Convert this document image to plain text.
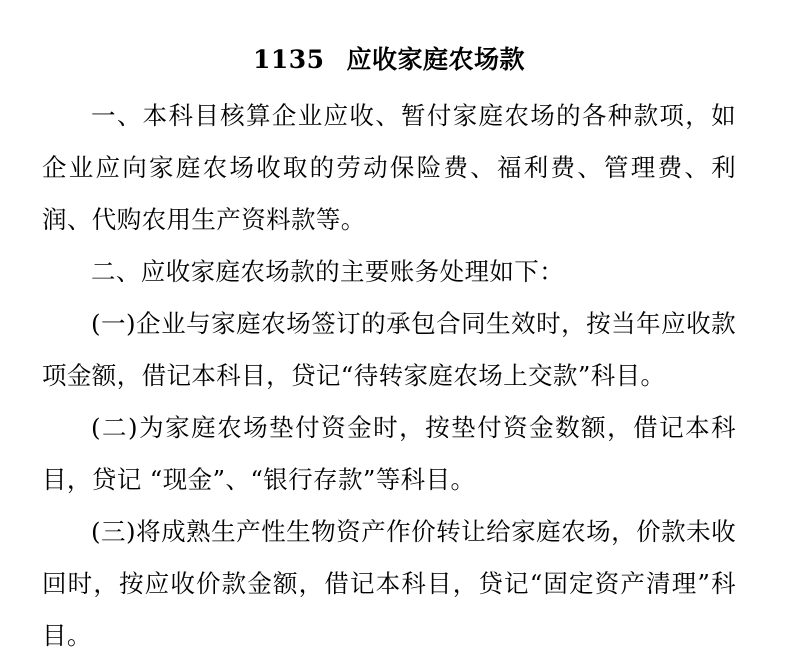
1135 应收家庭农场款

一、本科目核算企业应收、暂付家庭农场的各种款项，如企业应向家庭农场收取的劳动保险费、福利费、管理费、利润、代购农用生产资料款等。

二、应收家庭农场款的主要账务处理如下：

(一)企业与家庭农场签订的承包合同生效时，按当年应收款项金额，借记本科目，贷记“待转家庭农场上交款”科目。

(二)为家庭农场垫付资金时，按垫付资金数额，借记本科目，贷记 “现金”、“银行存款”等科目。

(三)将成熟生产性生物资产作价转让给家庭农场，价款未收回时，按应收价款金额，借记本科目，贷记“固定资产清理”科目。
